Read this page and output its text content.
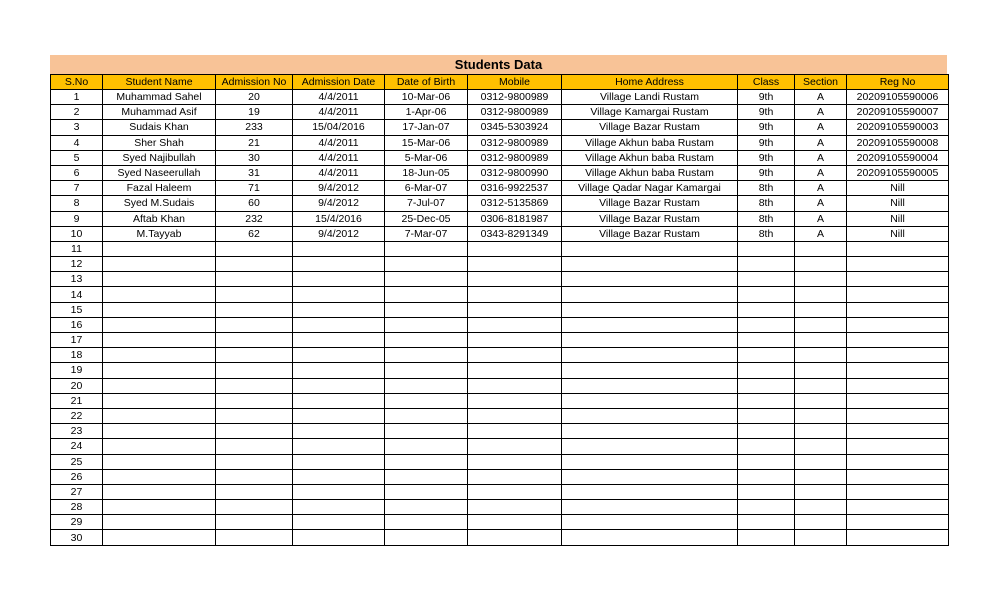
Students Data
S.No	Student Name	Admission No	Admission Date	Date of Birth	Mobile	Home Address	Class	Section	Reg No
1	Muhammad Sahel	20	4/4/2011	10-Mar-06	0312-9800989	Village Landi Rustam	9th	A	20209105590006
2	Muhammad Asif	19	4/4/2011	1-Apr-06	0312-9800989	Village Kamargai Rustam	9th	A	20209105590007
3	Sudais Khan	233	15/04/2016	17-Jan-07	0345-5303924	Village Bazar Rustam	9th	A	20209105590003
4	Sher Shah	21	4/4/2011	15-Mar-06	0312-9800989	Village Akhun baba Rustam	9th	A	20209105590008
5	Syed Najibullah	30	4/4/2011	5-Mar-06	0312-9800989	Village Akhun baba Rustam	9th	A	20209105590004
6	Syed Naseerullah	31	4/4/2011	18-Jun-05	0312-9800990	Village Akhun baba Rustam	9th	A	20209105590005
7	Fazal Haleem	71	9/4/2012	6-Mar-07	0316-9922537	Village Qadar Nagar Kamargai	8th	A	Nill
8	Syed M.Sudais	60	9/4/2012	7-Jul-07	0312-5135869	Village Bazar Rustam	8th	A	Nill
9	Aftab Khan	232	15/4/2016	25-Dec-05	0306-8181987	Village Bazar Rustam	8th	A	Nill
10	M.Tayyab	62	9/4/2012	7-Mar-07	0343-8291349	Village Bazar Rustam	8th	A	Nill
11									
12									
13									
14									
15									
16									
17									
18									
19									
20									
21									
22									
23									
24									
25									
26									
27									
28									
29									
30									
